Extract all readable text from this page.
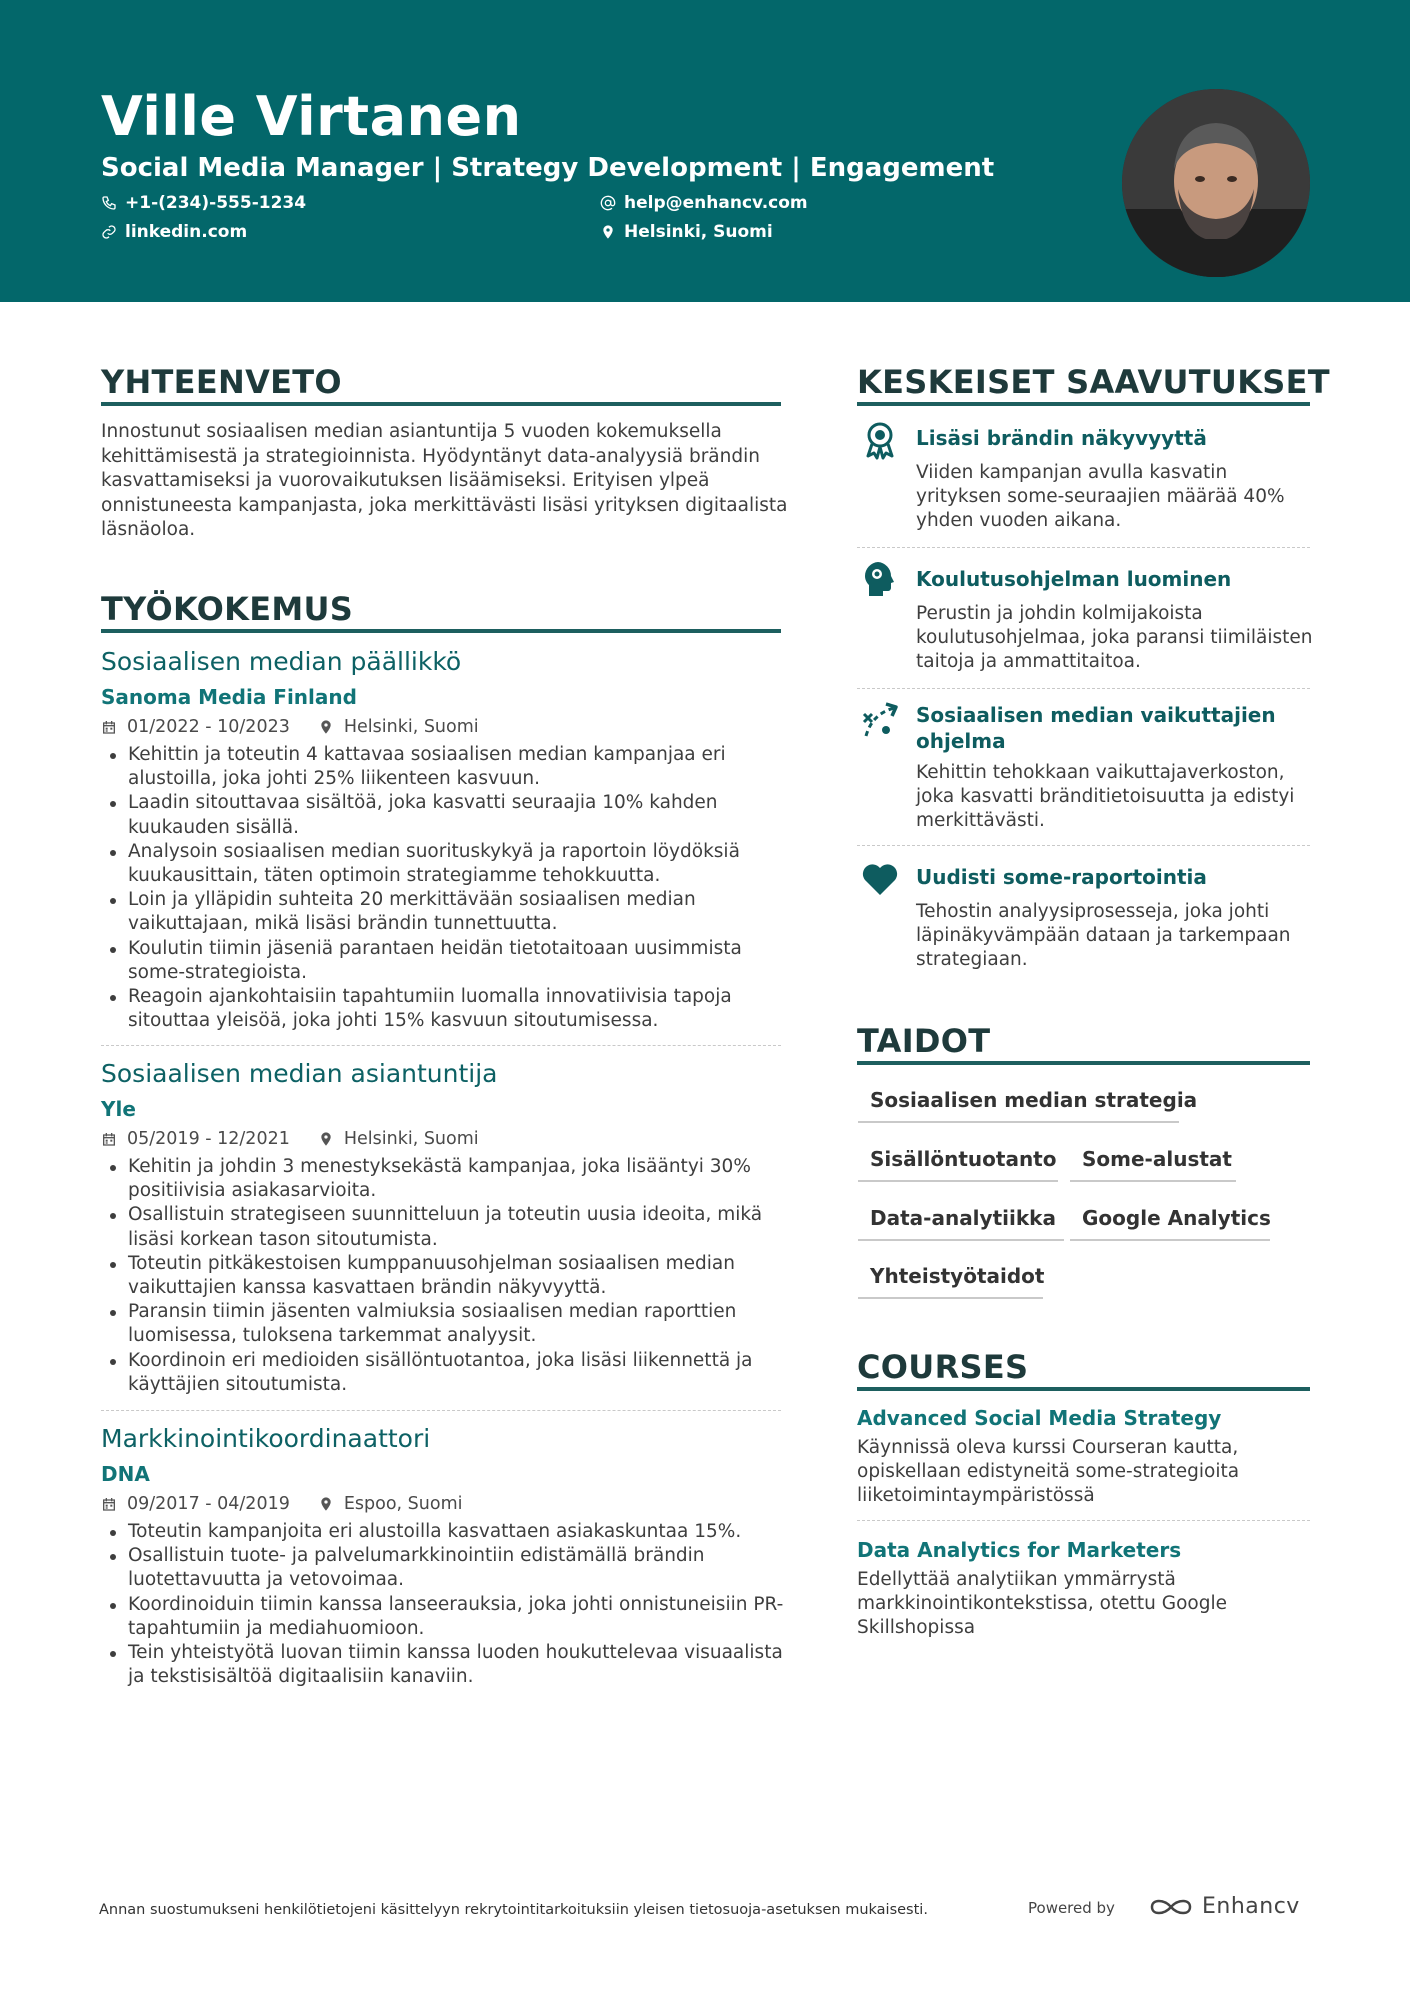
Ville Virtanen
Social Media Manager | Strategy Development | Engagement
+1-(234)-555-1234	help@enhancv.com
linkedin.com	Helsinki, Suomi
YHTEENVETO
Innostunut sosiaalisen median asiantuntija 5 vuoden kokemuksella kehittämisestä ja strategioinnista. Hyödyntänyt data-analyysiä brändin kasvattamiseksi ja vuorovaikutuksen lisäämiseksi. Erityisen ylpeä onnistuneesta kampanjasta, joka merkittävästi lisäsi yrityksen digitaalista läsnäoloa.
TYÖKOKEMUS
Sosiaalisen median päällikkö
Sanoma Media Finland
01/2022 - 10/2023	Helsinki, Suomi
Kehittin ja toteutin 4 kattavaa sosiaalisen median kampanjaa eri alustoilla, joka johti 25% liikenteen kasvuun.
Laadin sitouttavaa sisältöä, joka kasvatti seuraajia 10% kahden kuukauden sisällä.
Analysoin sosiaalisen median suorituskykyä ja raportoin löydöksiä kuukausittain, täten optimoin strategiamme tehokkuutta.
Loin ja ylläpidin suhteita 20 merkittävään sosiaalisen median vaikuttajaan, mikä lisäsi brändin tunnettuutta.
Koulutin tiimin jäseniä parantaen heidän tietotaitoaan uusimmista some-strategioista.
Reagoin ajankohtaisiin tapahtumiin luomalla innovatiivisia tapoja sitouttaa yleisöä, joka johti 15% kasvuun sitoutumisessa.
Sosiaalisen median asiantuntija
Yle
05/2019 - 12/2021	Helsinki, Suomi
Kehitin ja johdin 3 menestyksekästä kampanjaa, joka lisääntyi 30% positiivisia asiakasarvioita.
Osallistuin strategiseen suunnitteluun ja toteutin uusia ideoita, mikä lisäsi korkean tason sitoutumista.
Toteutin pitkäkestoisen kumppanuusohjelman sosiaalisen median vaikuttajien kanssa kasvattaen brändin näkyvyyttä.
Paransin tiimin jäsenten valmiuksia sosiaalisen median raporttien luomisessa, tuloksena tarkemmat analyysit.
Koordinoin eri medioiden sisällöntuotantoa, joka lisäsi liikennettä ja käyttäjien sitoutumista.
Markkinointikoordinaattori
DNA
09/2017 - 04/2019	Espoo, Suomi
Toteutin kampanjoita eri alustoilla kasvattaen asiakaskuntaa 15%.
Osallistuin tuote- ja palvelumarkkinointiin edistämällä brändin luotettavuutta ja vetovoimaa.
Koordinoiduin tiimin kanssa lanseerauksia, joka johti onnistuneisiin PR-tapahtumiin ja mediahuomioon.
Tein yhteistyötä luovan tiimin kanssa luoden houkuttelevaa visuaalista ja tekstisisältöä digitaalisiin kanaviin.
KESKEISET SAAVUTUKSET
Lisäsi brändin näkyvyyttä
Viiden kampanjan avulla kasvatin yrityksen some-seuraajien määrää 40% yhden vuoden aikana.
Koulutusohjelman luominen
Perustin ja johdin kolmijakoista koulutusohjelmaa, joka paransi tiimiläisten taitoja ja ammattitaitoa.
Sosiaalisen median vaikuttajien ohjelma
Kehittin tehokkaan vaikuttajaverkoston, joka kasvatti bränditietoisuutta ja edistyi merkittävästi.
Uudisti some-raportointia
Tehostin analyysiprosesseja, joka johti läpinäkyvämpään dataan ja tarkempaan strategiaan.
TAIDOT
Sosiaalisen median strategia
Sisällöntuotanto	Some-alustat
Data-analytiikka	Google Analytics
Yhteistyötaidot
COURSES
Advanced Social Media Strategy
Käynnissä oleva kurssi Courseran kautta, opiskellaan edistyneitä some-strategioita liiketoimintaympäristössä
Data Analytics for Marketers
Edellyttää analytiikan ymmärrystä markkinointikontekstissa, otettu Google Skillshopissa
Annan suostumukseni henkilötietojeni käsittelyyn rekrytointitarkoituksiin yleisen tietosuoja-asetuksen mukaisesti.	Powered by	Enhancv
